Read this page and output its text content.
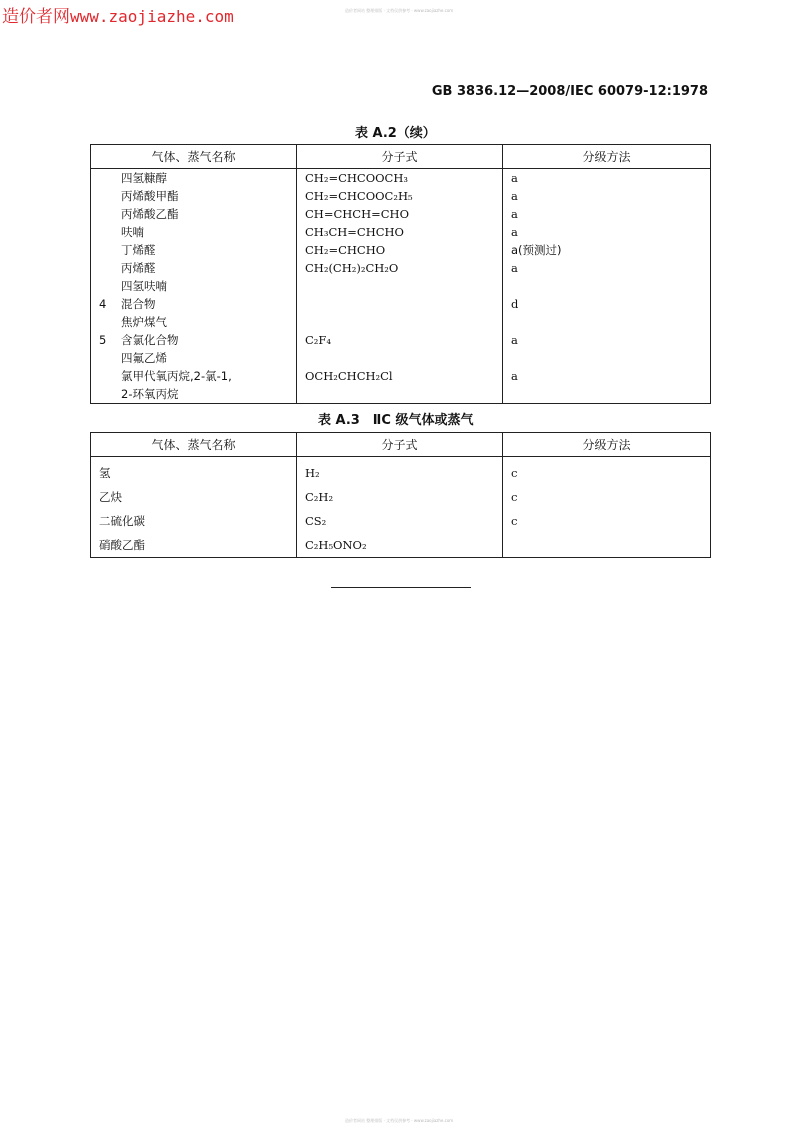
造价者网www.zaojiazhe.com	造价者网站 整理排版 · 文档仅供参考 · www.zaojiazhe.com
造价者网站 整理排版 · 文档仅供参考 · www.zaojiazhe.com
GB 3836.12—2008/IEC 60079-12:1978
表 A.2（续）
气体、蒸气名称	分子式	分级方法
四氢糠醇	CH₂=CHCOOCH₃	a
丙烯酸甲酯	CH₂=CHCOOC₂H₅	a
丙烯酸乙酯	CH=CHCH=CHO	a
呋喃	CH₃CH=CHCHO	a
丁烯醛	CH₂=CHCHO	a(预测过)
丙烯醛	CH₂(CH₂)₂CH₂O	a
四氢呋喃		
4 混合物		d
焦炉煤气		
5 含氯化合物	C₂F₄	a
四氟乙烯		
氯甲代氧丙烷,2-氯-1,	OCH₂CHCH₂Cl	a
2-环氧丙烷		
表 A.3　ⅡC 级气体或蒸气
气体、蒸气名称	分子式	分级方法
氢	H₂	c
乙炔	C₂H₂	c
二硫化碳	CS₂	c
硝酸乙酯	C₂H₅ONO₂	
